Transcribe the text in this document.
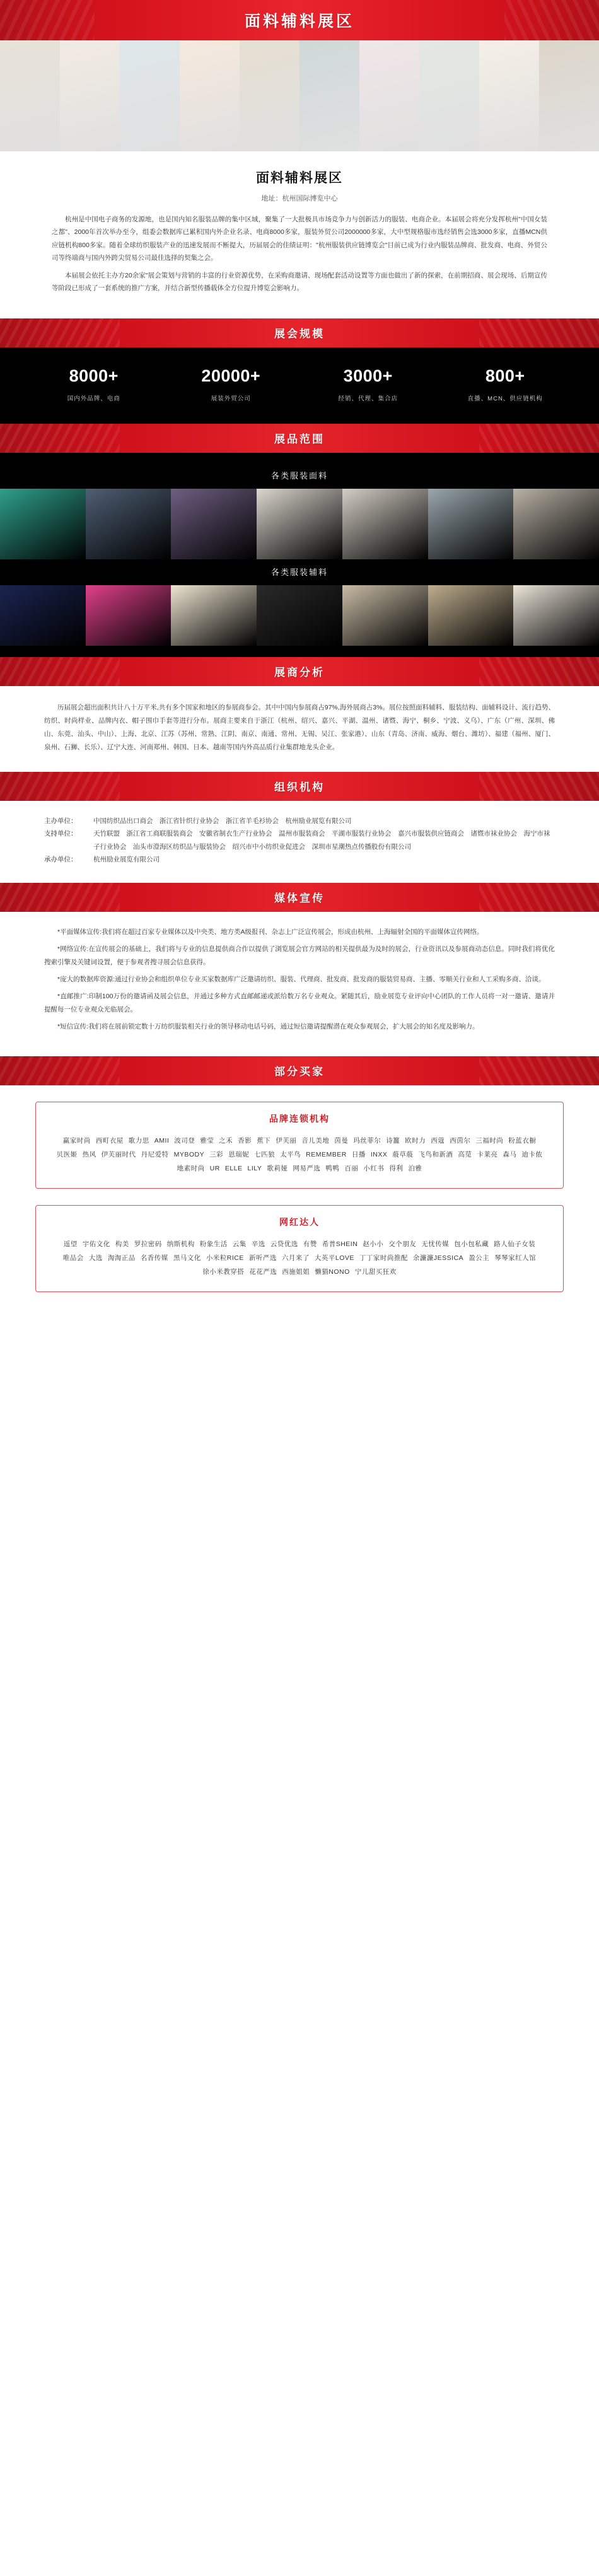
面料辅料展区
面料辅料展区
地址：杭州国际博览中心

杭州是中国电子商务的发源地，也是国内知名服装品牌的集中区域，聚集了一大批极具市场竞争力与创新活力的服装、电商企业。本届展会将充分发挥杭州"中国女装之都"、2000年首次举办至今，组委会数据库已累积国内外企业名录、电商8000多家，服装外贸公司2000000多家，大中型规格服市选经销售会选3000多家，直播MCN供应链机构800多家。随着全球纺织服装产业的迅速发展而不断提大，历届展会的佳绩证明："杭州服装供应链博览会"目前已成为行业内服装品牌商、批发商、电商、外贸公司等终端商与国内外跨尖贸易公司最佳选择的契集之会。

本届展会依托主办方20余家"展会策划与营销的丰富的行业资源优势，在采购商邀请、现场配套活动设置等方面也做出了新的探索，在前期招商、展会现场、后期宣传等阶段已形成了一套系统的推广方案，并结合新型传播载体全方位提升博览会影响力。

展会规模
8000+
国内外品牌、电商
20000+
展装外贸公司
3000+
经销、代理、集合店
800+
直播、MCN、供应链机构
展品范围
各类服装面料
各类服装辅料
展商分析

历届展会超出面积共计八十万平米,共有多个国家和地区的参展商参会。其中中国内参展商占97%,海外展商占3%。展位按照面料辅料、服装结构、面辅料设计、流行趋势、纺织、时尚样业、品牌内衣、帽子围巾手套等进行分布。展商主要来自于浙江（杭州、绍兴、嘉兴、平湖、温州、诸暨、海宁、桐乡、宁波、义乌）、广东（广州、深圳、佛山、东莞、汕头、中山）、上海、北京、江苏（苏州、常熟、江阴、南京、南通、常州、无锡、吴江、张家港）、山东（青岛、济南、威海、烟台、潍坊）、福建（福州、厦门、泉州、石狮、长乐）、辽宁大连、河南郑州、韩国、日本、越南等国内外高品质行业集群地龙头企业。

组织机构
主办单位：	中国纺织品出口商会　浙江省针织行业协会　浙江省羊毛衫协会　杭州励业展览有限公司
支持单位：	天竹联盟　浙江省工商联服装商会　安徽省制衣生产行业协会　温州市服装商会　平湖市服装行业协会　嘉兴市服装供应链商会　诸暨市袜业协会　海宁市袜子行业协会　汕头市澄海区纺织品与服装协会　绍兴市中小纺织业促进会　深圳市星潮热点传播股份有限公司
承办单位：	杭州励业展览有限公司
媒体宣传

*平面媒体宣传:我们将在超过百家专业媒体以及中央类、地方类A级报刊、杂志上广泛宣传展会，形成由杭州、上海辐射全国的平面媒体宣传网络。

*网络宣传:在宣传展会的基础上，我们将与专业的信息提供商合作以提供了浏览展会官方网站的相关提供最为及时的展会，行业资讯以及参展商动态信息。同时我们将优化搜索引擎及关键词设置，便于参观者搜寻展会信息获得。

*庞大的数据库资源:通过行业协会和组织单位专业买家数据库广泛邀请纺织、服装、代理商、批发商、批发商的服装贸易商、主播、零顺关行业和人工采购多商、洽谈。

*直邮推广:印制100万份的邀请函及展会信息，并通过多种方式直邮邮递或派给数万名专业观众。紧随其后，励业展览专业评向中心团队的工作人员将一对一邀请、邀请并提醒每一位专业观众光临展会。

*短信宣传:我们将在展前锁定数十万纺织服装相关行业的领导移动电话号码，通过短信邀请提醒潜在观众参观展会，扩大展会的知名度及影响力。

部分买家
品牌连锁机构
赢家时尚 西町衣屋 歌力思 AMII 波司登 雅莹 之禾 香影 蕉下 伊芙丽 音儿美地 茵曼 玛丝菲尔 诗籭 欧时力 西蔻 西茵尔 三福时尚 粉蓝衣橱贝医姬 热风 伊芙丽时代 丹尼爱特 MYBODY 三彩 恩瑞妮 七匹狼 太平鸟 REMEMBER 日播 INXX 蒑草蒑 飞鸟和新酒 高苋 卡莱亮 森马 迪卡侬地素时尚 UR ELLE LILY 歌莉娅 网易严选 鸭鸭 百丽 小红书 得利 泊雅
网红达人
遥望 宇佑文化 构美 罗拉密码 纳斯机构 粉象生活 云集 辛选 云贷优选 有赞 希普SHEIN 赵小小 交个朋友 无忧传媒 包小包私藏 路人仙子女装唯品会 大选 淘淘正品 名香传媒 黑马文化 小米粒RICE 新听严选 六月来了 大英平LOVE 丁丁家时尚推配 余濂濂JESSICA 盈公主 琴琴家红人馆徐小米教穿搭 花花严选 西施姐姐 懒猫NONO 宁儿甜买狂欢
